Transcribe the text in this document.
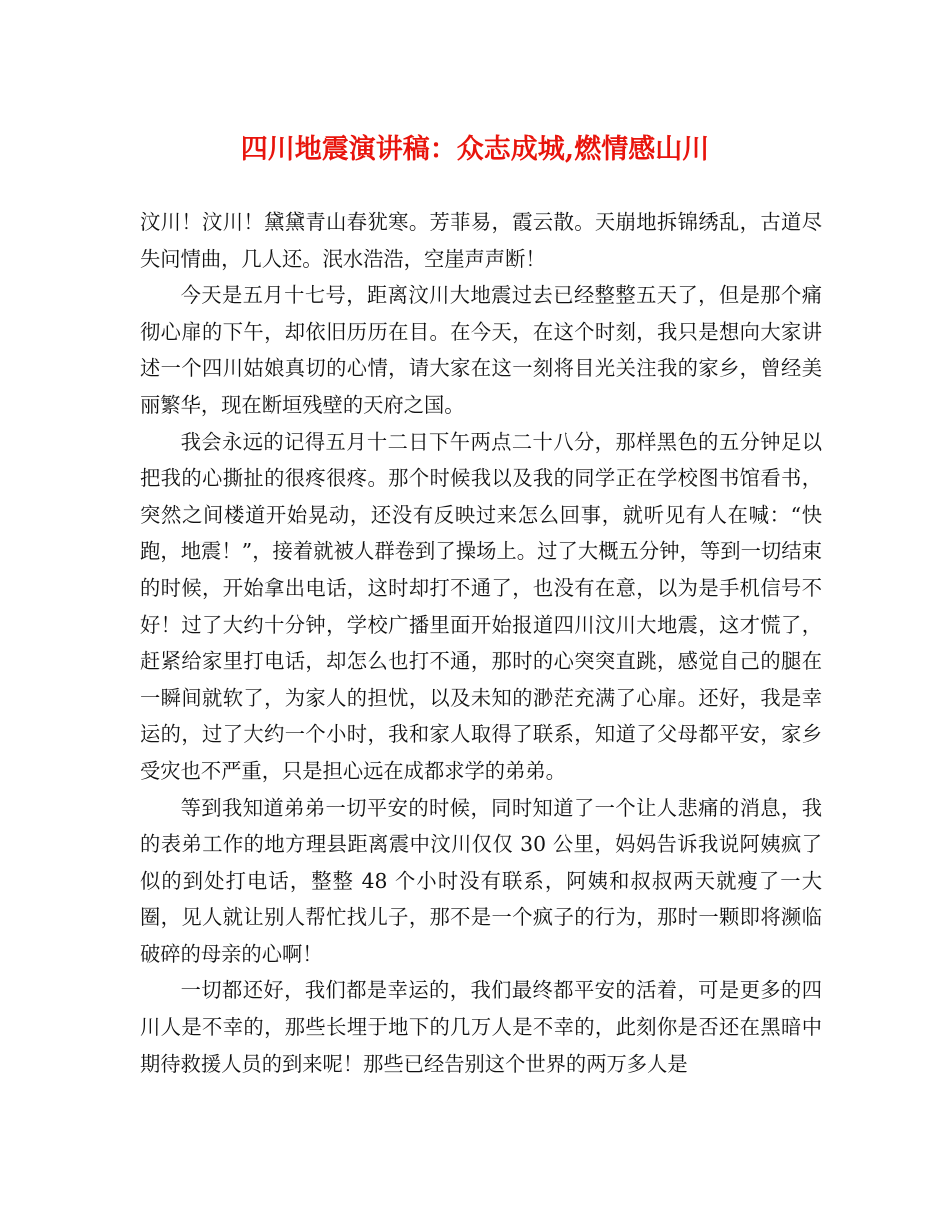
四川地震演讲稿：众志成城,燃情感山川

汶川！汶川！黛黛青山春犹寒。芳菲易，霞云散。天崩地拆锦绣乱，古道尽失问情曲，几人还。泯水浩浩，空崖声声断！

今天是五月十七号，距离汶川大地震过去已经整整五天了，但是那个痛彻心扉的下午，却依旧历历在目。在今天，在这个时刻，我只是想向大家讲述一个四川姑娘真切的心情，请大家在这一刻将目光关注我的家乡，曾经美丽繁华，现在断垣残壁的天府之国。

我会永远的记得五月十二日下午两点二十八分，那样黑色的五分钟足以把我的心撕扯的很疼很疼。那个时候我以及我的同学正在学校图书馆看书，突然之间楼道开始晃动，还没有反映过来怎么回事，就听见有人在喊：“快跑，地震！”，接着就被人群卷到了操场上。过了大概五分钟，等到一切结束的时候，开始拿出电话，这时却打不通了，也没有在意，以为是手机信号不好！过了大约十分钟，学校广播里面开始报道四川汶川大地震，这才慌了，赶紧给家里打电话，却怎么也打不通，那时的心突突直跳，感觉自己的腿在一瞬间就软了，为家人的担忧，以及未知的渺茫充满了心扉。还好，我是幸运的，过了大约一个小时，我和家人取得了联系，知道了父母都平安，家乡受灾也不严重，只是担心远在成都求学的弟弟。

等到我知道弟弟一切平安的时候，同时知道了一个让人悲痛的消息，我的表弟工作的地方理县距离震中汶川仅仅 30 公里，妈妈告诉我说阿姨疯了似的到处打电话，整整 48 个小时没有联系，阿姨和叔叔两天就瘦了一大圈，见人就让别人帮忙找儿子，那不是一个疯子的行为，那时一颗即将濒临破碎的母亲的心啊！

一切都还好，我们都是幸运的，我们最终都平安的活着，可是更多的四川人是不幸的，那些长埋于地下的几万人是不幸的，此刻你是否还在黑暗中期待救援人员的到来呢！那些已经告别这个世界的两万多人是
